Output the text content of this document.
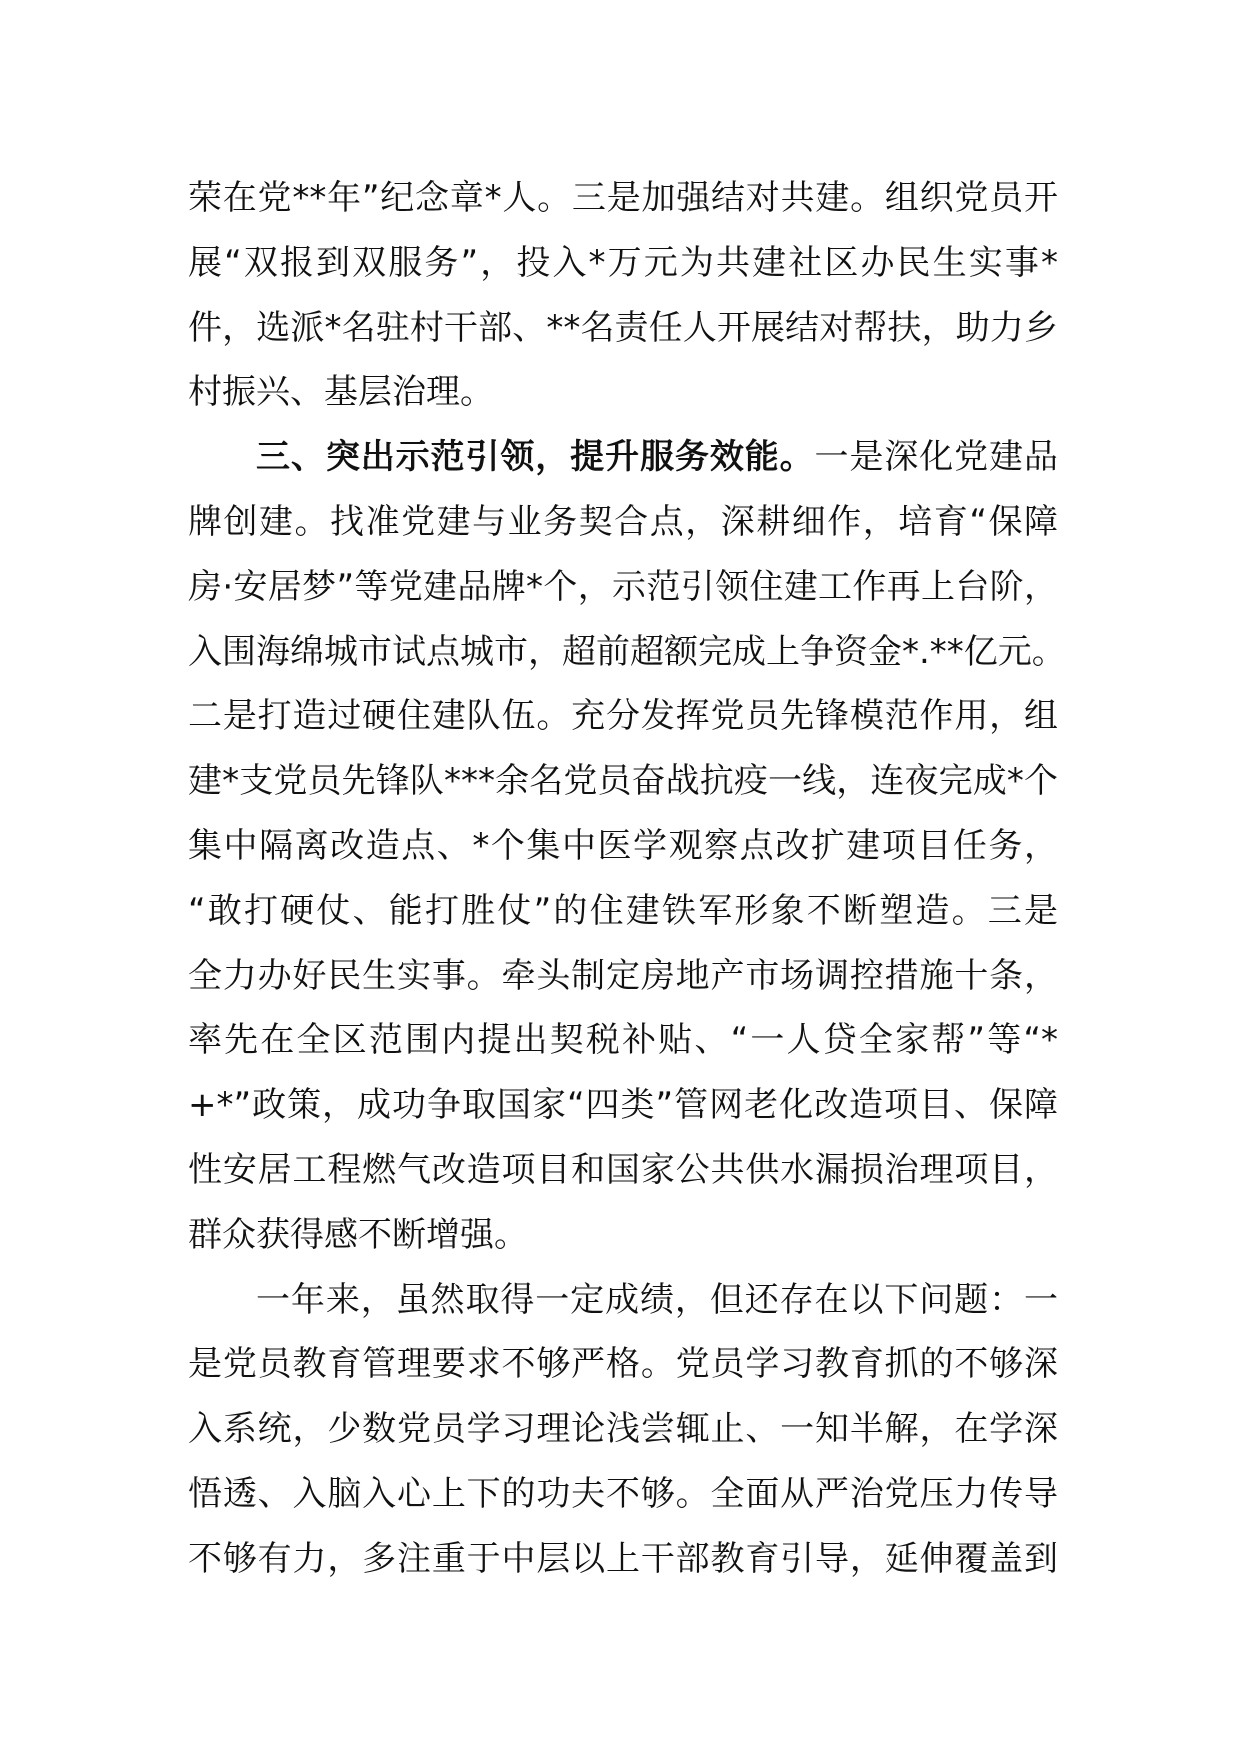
荣在党**年”纪念章*人。三是加强结对共建。组织党员开
展“双报到双服务”，投入*万元为共建社区办民生实事*
件，选派*名驻村干部、**名责任人开展结对帮扶，助力乡
村振兴、基层治理。
三、突出示范引领，提升服务效能。一是深化党建品
牌创建。找准党建与业务契合点，深耕细作，培育“保障
房·安居梦”等党建品牌*个，示范引领住建工作再上台阶，
入围海绵城市试点城市，超前超额完成上争资金*.**亿元。
二是打造过硬住建队伍。充分发挥党员先锋模范作用，组
建*支党员先锋队***余名党员奋战抗疫一线，连夜完成*个
集中隔离改造点、*个集中医学观察点改扩建项目任务，
“敢打硬仗、能打胜仗”的住建铁军形象不断塑造。三是
全力办好民生实事。牵头制定房地产市场调控措施十条，
率先在全区范围内提出契税补贴、“一人贷全家帮”等“*
+*”政策，成功争取国家“四类”管网老化改造项目、保障
性安居工程燃气改造项目和国家公共供水漏损治理项目，
群众获得感不断增强。
一年来，虽然取得一定成绩，但还存在以下问题：一
是党员教育管理要求不够严格。党员学习教育抓的不够深
入系统，少数党员学习理论浅尝辄止、一知半解，在学深
悟透、入脑入心上下的功夫不够。全面从严治党压力传导
不够有力，多注重于中层以上干部教育引导，延伸覆盖到
